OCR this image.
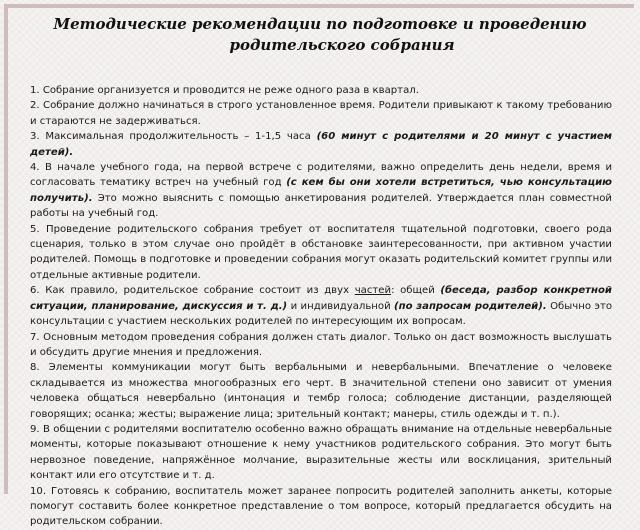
Методические рекомендации по подготовке и проведению
родительского собрания

1. Собрание организуется и проводится не реже одного раза в квартал.

2. Собрание должно начинаться в строго установленное время. Родители привыкают к такому требованию и стараются не задерживаться.

3. Максимальная продолжительность – 1-1,5 часа (60 минут с родителями и 20 минут с участием детей).

4. В начале учебного года, на первой встрече с родителями, важно определить день недели, время и согласовать тематику встреч на учебный год (с кем бы они хотели встретиться, чью консультацию получить). Это можно выяснить с помощью анкетирования родителей. Утверждается план совместной работы на учебный год.

5. Проведение родительского собрания требует от воспитателя тщательной подготовки, своего рода сценария, только в этом случае оно пройдёт в обстановке заинтересованности, при активном участии родителей. Помощь в подготовке и проведении собрания могут оказать родительский комитет группы или отдельные активные родители.

6. Как правило, родительское собрание состоит из двух частей: общей (беседа, разбор конкретной ситуации, планирование, дискуссия и т. д.) и индивидуальной (по запросам родителей). Обычно это консультации с участием нескольких родителей по интересующим их вопросам.

7. Основным методом проведения собрания должен стать диалог. Только он даст возможность выслушать и обсудить другие мнения и предложения.

8. Элементы коммуникации могут быть вербальными и невербальными. Впечатление о человеке складывается из множества многообразных его черт. В значительной степени оно зависит от умения человека общаться невербально (интонация и тембр голоса; соблюдение дистанции, разделяющей говорящих; осанка; жесты; выражение лица; зрительный контакт; манеры, стиль одежды и т. п.).

9. В общении с родителями воспитателю особенно важно обращать внимание на отдельные невербальные моменты, которые показывают отношение к нему участников родительского собрания. Это могут быть нервозное поведение, напряжённое молчание, выразительные жесты или восклицания, зрительный контакт или его отсутствие и т. д.

10. Готовясь к собранию, воспитатель может заранее попросить родителей заполнить анкеты, которые помогут составить более конкретное представление о том вопросе, который предлагается обсудить на родительском собрании.
